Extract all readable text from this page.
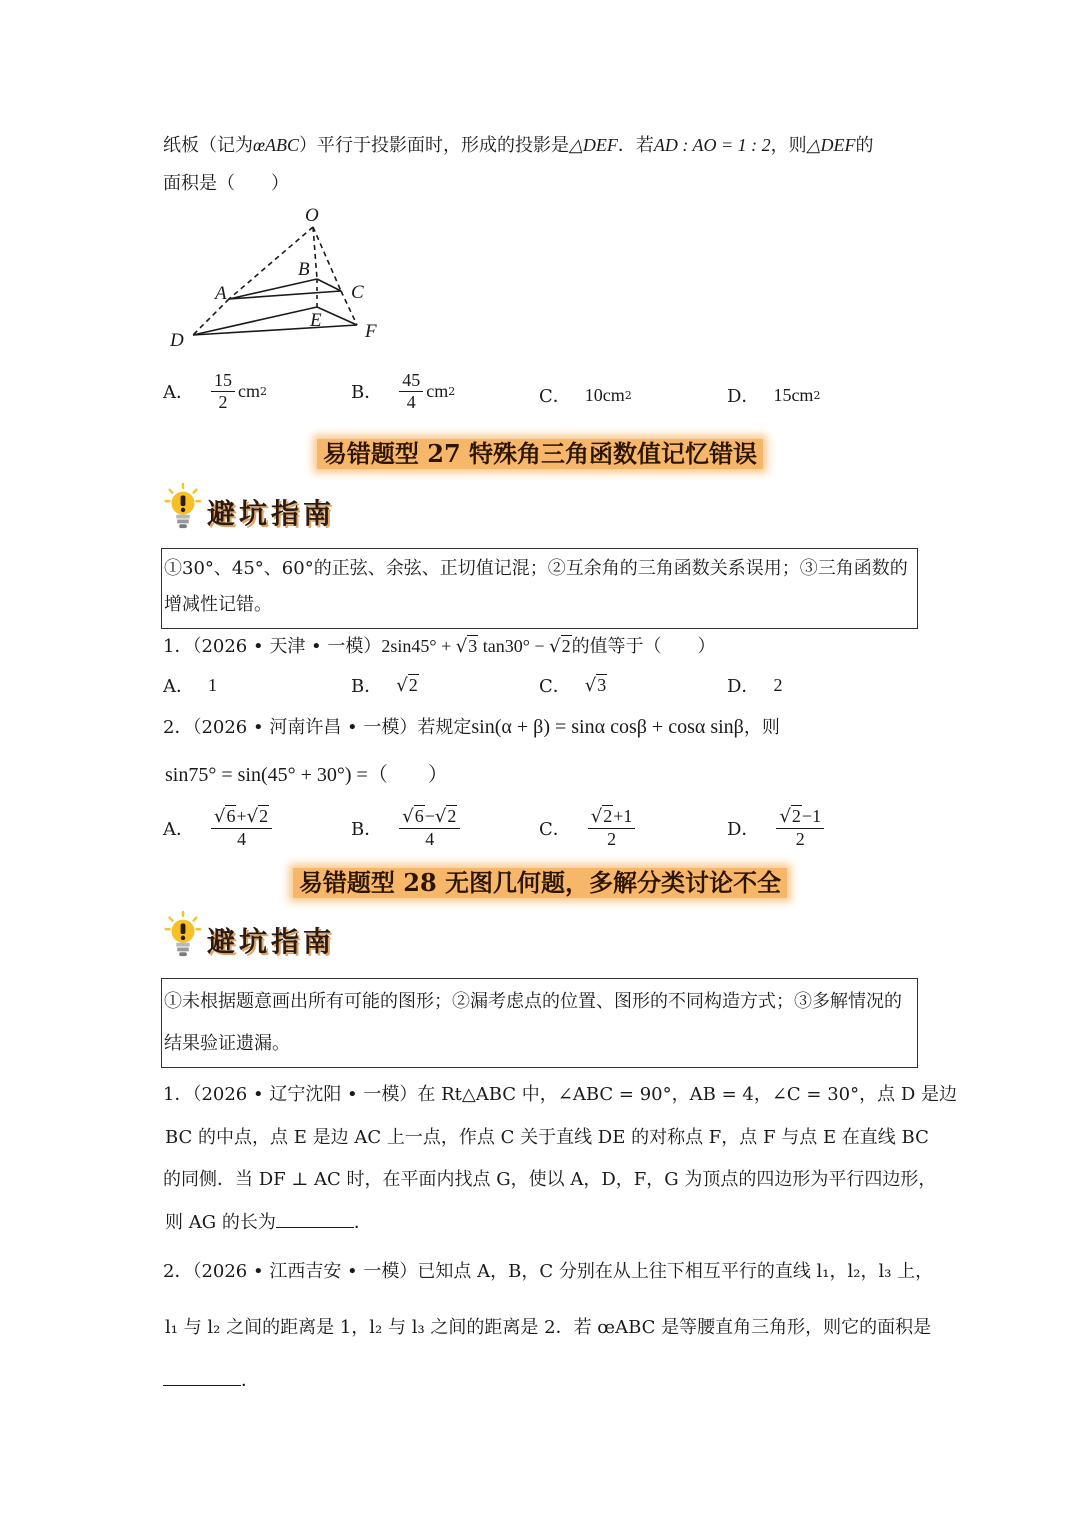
纸板（记为œABC）平行于投影面时，形成的投影是△DEF．若AD : AO = 1 : 2，则△DEF的
面积是（　　）
O
A
B
C
D
E
F
A． $\frac{15}{2}$ cm 2	B． $\frac{45}{4}$ cm 2	C． 10cm 2	D． 15cm 2
易错题型 27 特殊角三角函数值记忆错误
避坑指南
①30°、45°、60°的正弦、余弦、正切值记混；②互余角的三角函数关系误用；③三角函数的增减性记错。
1．（2026 • 天津 • 一模）2sin45° + √3 tan30° − √2的值等于（　　）
A． 1	B． √2	C． √3	D． 2
2．（2026 • 河南许昌 • 一模）若规定sin(α + β) = sinα cosβ + cosα sinβ，则
sin75° = sin(45° + 30°) =（　　）
A． $\frac{√6+√2}{4}$	B． $\frac{√6-√2}{4}$	C． $\frac{√2+1}{2}$	D． $\frac{√2-1}{2}$
易错题型 28 无图几何题，多解分类讨论不全
避坑指南
①未根据题意画出所有可能的图形；②漏考虑点的位置、图形的不同构造方式；③多解情况的结果验证遗漏。
1．（2026 • 辽宁沈阳 • 一模）在 Rt△ABC 中，∠ABC = 90°，AB = 4，∠C = 30°，点 D 是边
BC 的中点，点 E 是边 AC 上一点，作点 C 关于直线 DE 的对称点 F，点 F 与点 E 在直线 BC
的同侧．当 DF ⊥ AC 时，在平面内找点 G，使以 A，D，F，G 为顶点的四边形为平行四边形，
则 AG 的长为	．
2．（2026 • 江西吉安 • 一模）已知点 A，B，C 分别在从上往下相互平行的直线 l₁，l₂，l₃ 上，
l₁ 与 l₂ 之间的距离是 1，l₂ 与 l₃ 之间的距离是 2．若 œABC 是等腰直角三角形，则它的面积是
．
